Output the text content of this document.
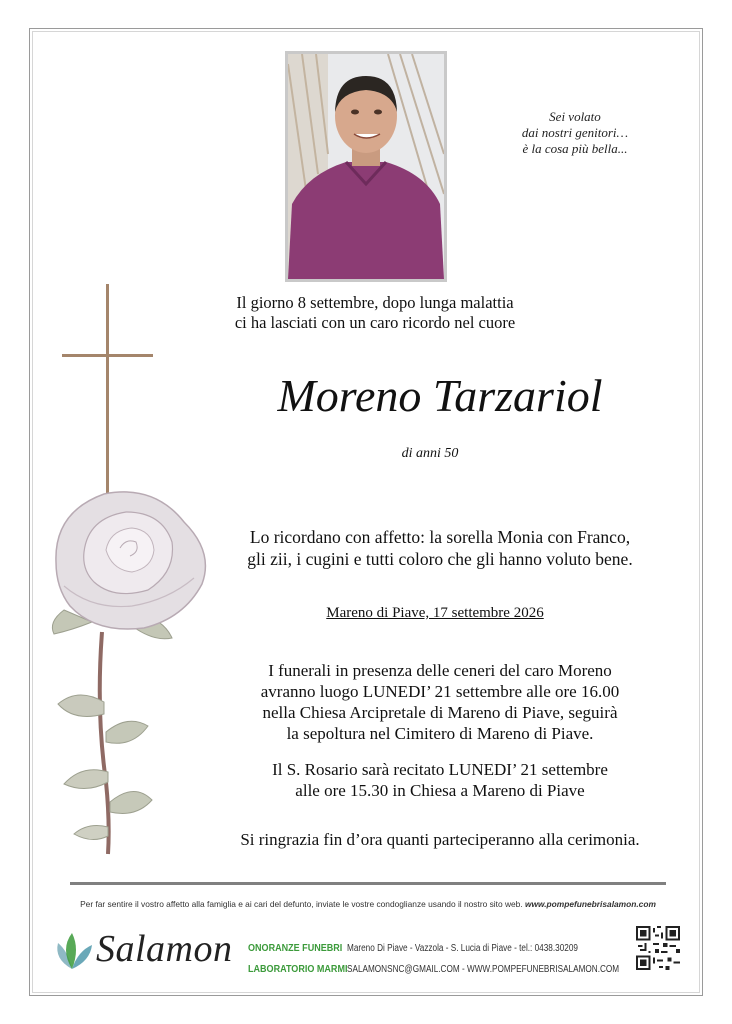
Sei volato
dai nostri genitori…
è la cosa più bella...
Il giorno 8 settembre, dopo lunga malattia
ci ha lasciati con un caro ricordo nel cuore
Moreno Tarzariol
di anni 50
Lo ricordano con affetto: la sorella Monia con Franco,
gli zii, i cugini e tutti coloro che gli hanno voluto bene.
Mareno di Piave, 17 settembre 2026
I funerali in presenza delle ceneri del caro Moreno
avranno luogo LUNEDI’ 21 settembre alle ore 16.00
nella Chiesa Arcipretale di Mareno di Piave, seguirà
la sepoltura nel Cimitero di Mareno di Piave.
Il S. Rosario sarà recitato LUNEDI’ 21 settembre
alle ore 15.30 in Chiesa a Mareno di Piave
Si ringrazia fin d’ora quanti parteciperanno alla cerimonia.
Per far sentire il vostro affetto alla famiglia e ai cari del defunto, inviate le vostre condoglianze usando il nostro sito web. www.pompefunebrisalamon.com
Salamon ONORANZE FUNEBRI
LABORATORIO MARMI
Mareno Di Piave - Vazzola - S. Lucia di Piave - tel.: 0438.30209
SALAMONSNC@GMAIL.COM - WWW.POMPEFUNEBRISALAMON.COM
